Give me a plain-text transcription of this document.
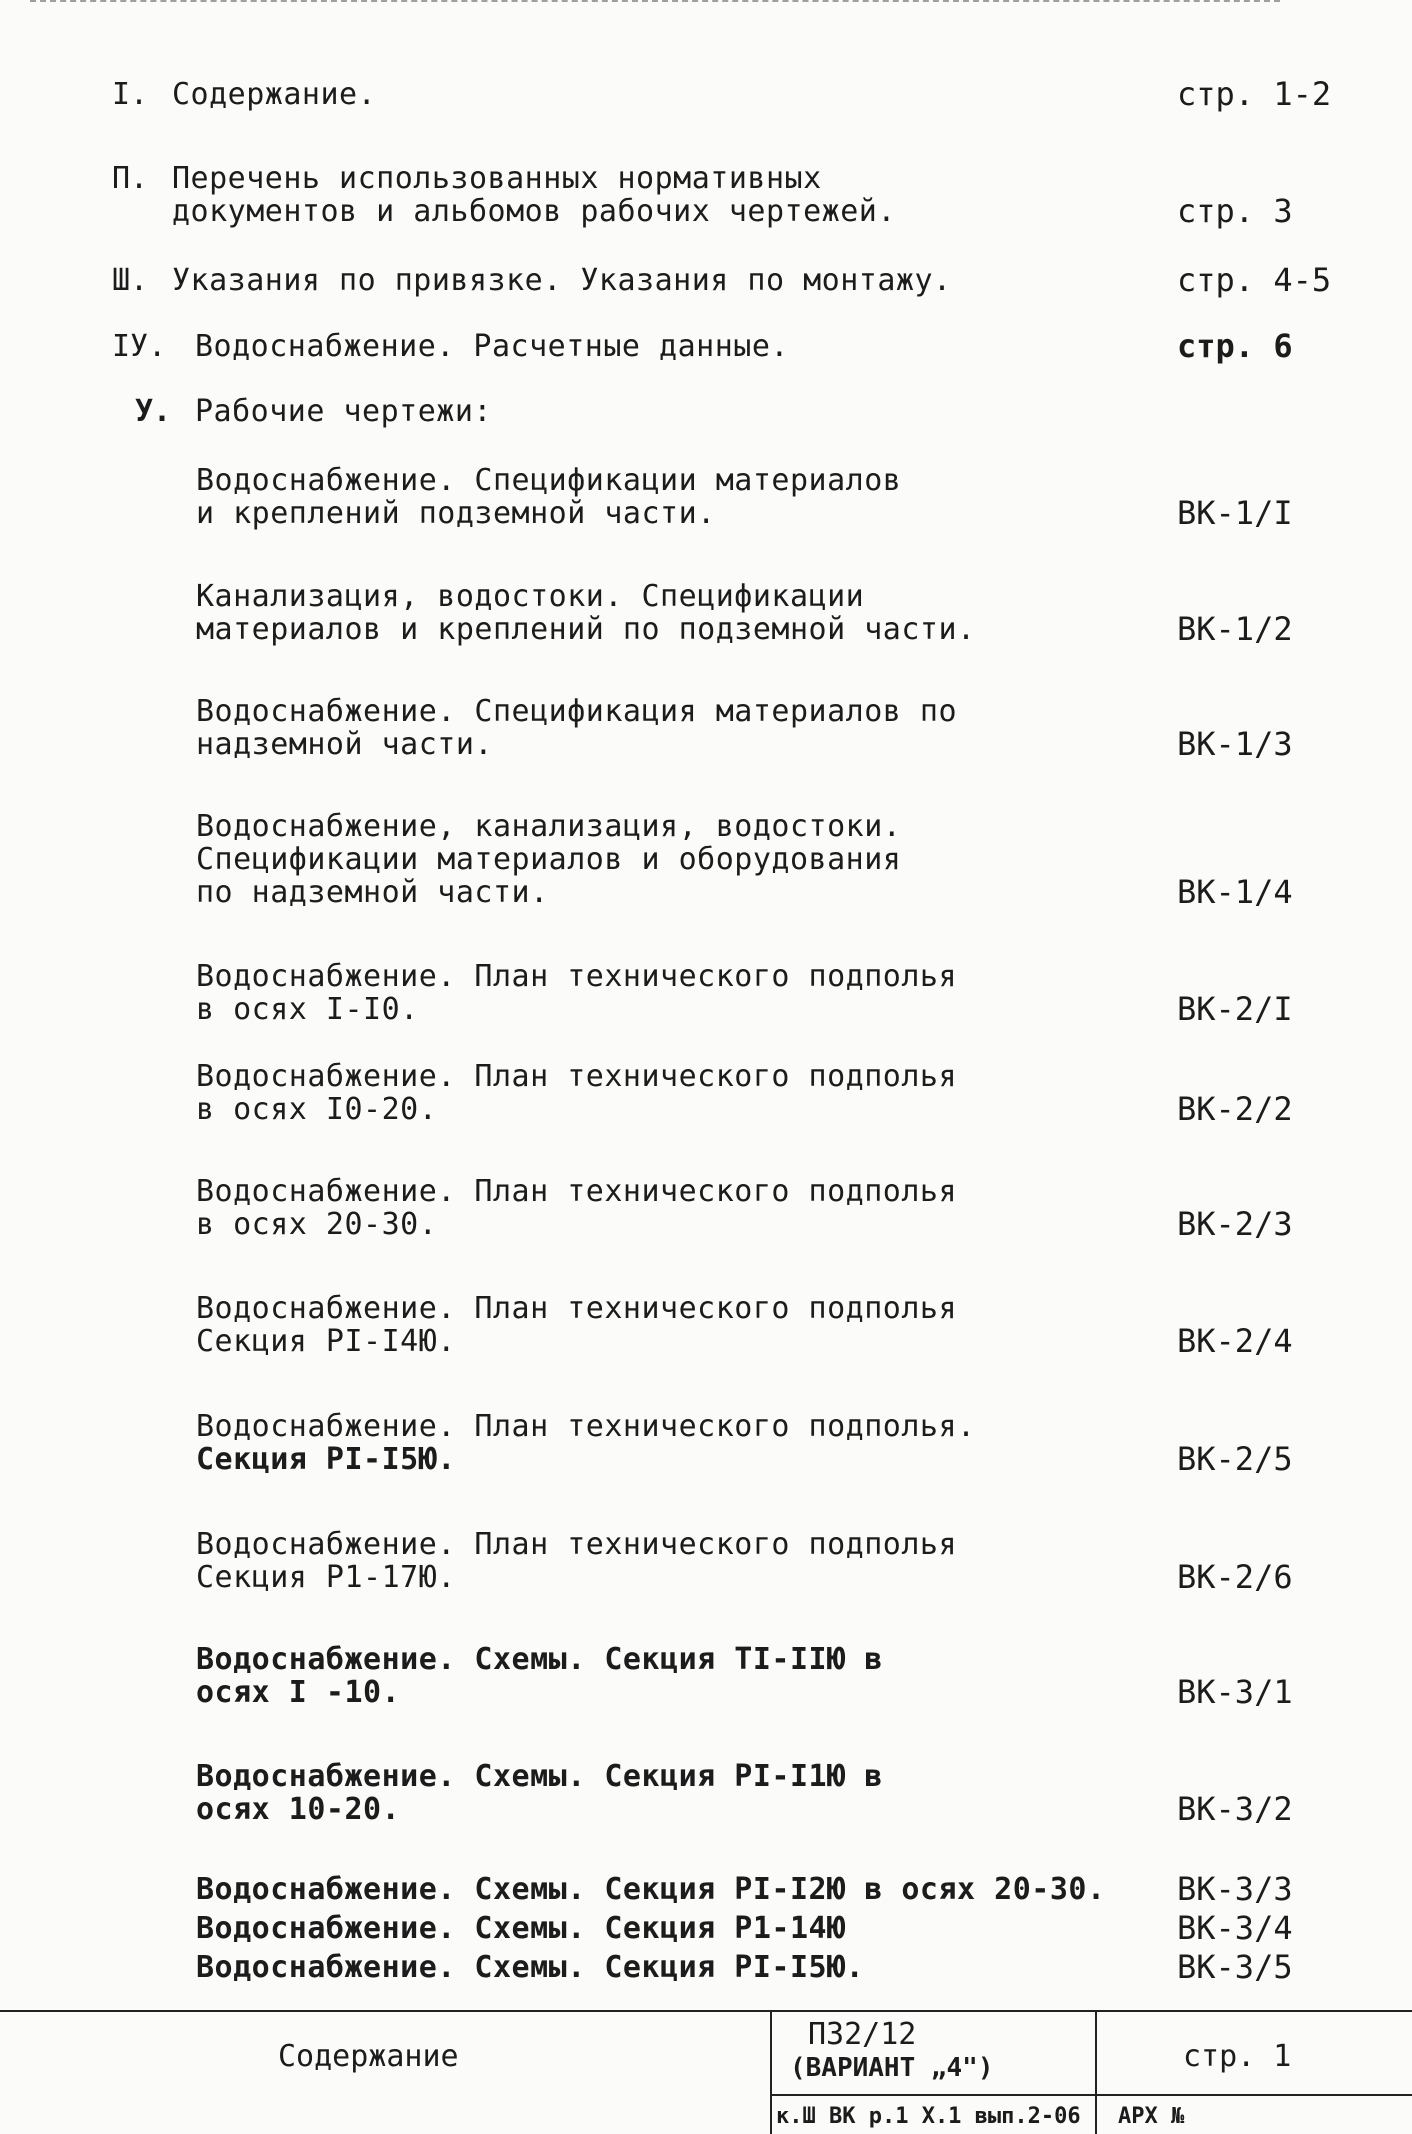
I. Содержание.	стр. 1-2
П. Перечень использованных нормативных
документов и альбомов рабочих чертежей.	стр. 3
Ш. Указания по привязке. Указания по монтажу.	стр. 4-5
IУ. Водоснабжение. Расчетные данные.	стр. 6
У. Рабочие чертежи:
Водоснабжение. Спецификации материалов
и креплений подземной части.	ВК-1/I
Канализация, водостоки. Спецификации
материалов и креплений по подземной части.	ВК-1/2
Водоснабжение. Спецификация материалов по
надземной части.	ВК-1/3
Водоснабжение, канализация, водостоки.
Спецификации материалов и оборудования
по надземной части.	ВК-1/4
Водоснабжение. План технического подполья
в осях I-I0.	ВК-2/I
Водоснабжение. План технического подполья
в осях I0-20.	ВК-2/2
Водоснабжение. План технического подполья
в осях 20-30.	ВК-2/3
Водоснабжение. План технического подполья
Секция PI-I4Ю.	ВК-2/4
Водоснабжение. План технического подполья.
Секция PI-I5Ю.	ВК-2/5
Водоснабжение. План технического подполья
Секция P1-17Ю.	ВК-2/6
Водоснабжение. Схемы. Секция TI-IIЮ в
осях I -10.	ВК-3/1
Водоснабжение. Схемы. Секция PI-I1Ю в
осях 10-20.	ВК-3/2
Водоснабжение. Схемы. Секция PI-I2Ю в осях 20-30. ВК-3/3
Водоснабжение. Схемы. Секция P1-14Ю	ВК-3/4
Водоснабжение. Схемы. Секция PI-I5Ю.	ВК-3/5
Содержание
П32/12
(ВАРИАНТ „4")
к.Ш ВК р.1 Х.1 вып.2-06
стр. 1
АРХ №
